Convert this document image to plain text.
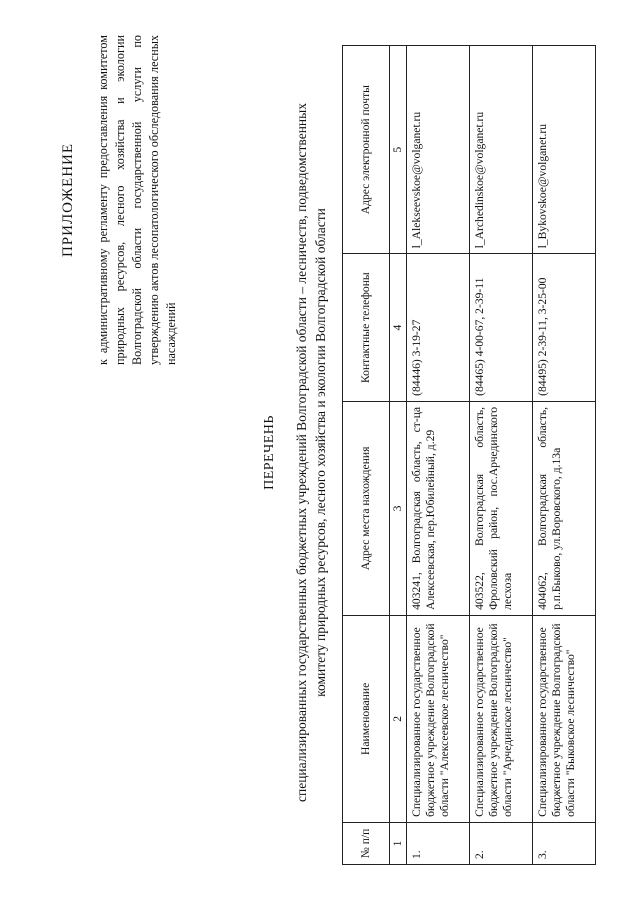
ПРИЛОЖЕНИЕ к административному регламенту предоставления комитетом природных ресурсов, лесного хозяйства и экологии Волгоградской области государственной услуги по утверждению актов лесопатологического обследования лесных насаждений
ПЕРЕЧЕНЬ специализированных государственных бюджетных учреждений Волгоградской области – лесничеств, подведомственных комитету природных ресурсов, лесного хозяйства и экологии Волгоградской области
№ п/п	Наименование	Адрес места нахождения	Контактные телефоны	Адрес электронной почты
1	2	3	4	5
1.	Специализированное государственное бюджетное учреждение Волгоградской области "Алексеевское лесничество"	403241, Волгоградская область, ст-ца Алексеевская, пер.Юбилейный, д.29	(84446) 3-19-27	l_Alekseevskoe@volganet.ru
2.	Специализированное государственное бюджетное учреждение Волгоградской области "Арчединское лесничество"	403522, Волгоградская область, Фроловский район, пос.Арчединского лесхоза	(84465) 4-00-67, 2-39-11	l_Archedinskoe@volganet.ru
3.	Специализированное государственное бюджетное учреждение Волгоградской области "Быковское лесничество"	404062, Волгоградская область, р.п.Быково, ул.Воровского, д.13а	(84495) 2-39-11, 3-25-00	l_Bykovskoe@volganet.ru
